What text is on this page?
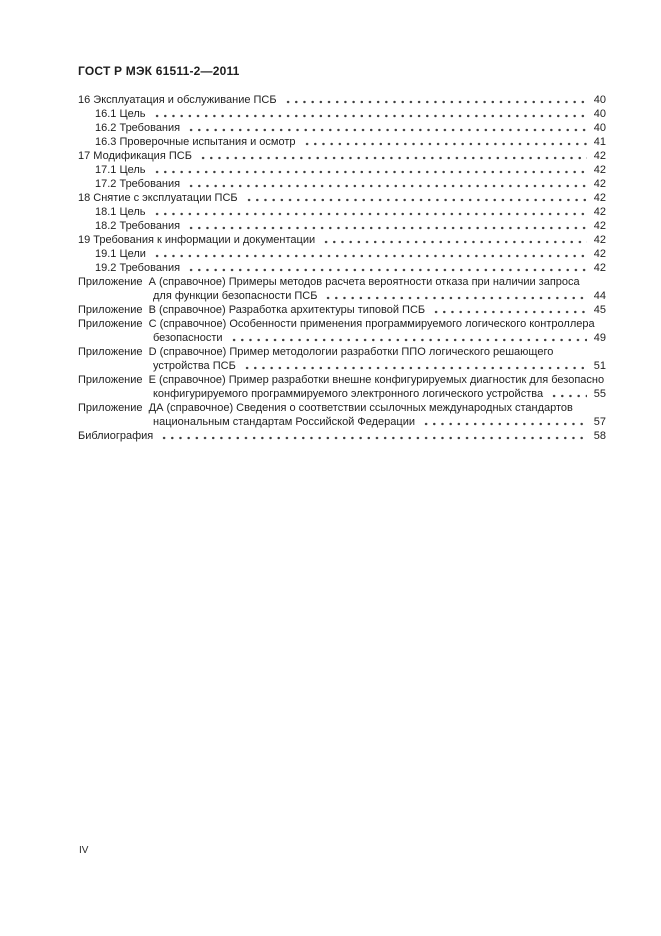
ГОСТ Р МЭК 61511-2—2011
16 Эксплуатация и обслуживание ПСБ	40
16.1 Цель	40
16.2 Требования	40
16.3 Проверочные испытания и осмотр	41
17 Модификация ПСБ	42
17.1 Цель	42
17.2 Требования	42
18 Снятие с эксплуатации ПСБ	42
18.1 Цель	42
18.2 Требования	42
19 Требования к информации и документации	42
19.1 Цели	42
19.2 Требования	42
Приложение  А (справочное) Примеры методов расчета вероятности отказа при наличии запроса
для функции безопасности ПСБ	44
Приложение  В (справочное) Разработка архитектуры типовой ПСБ	45
Приложение  С (справочное) Особенности применения программируемого логического контроллера
безопасности	49
Приложение  D (справочное) Пример методологии разработки ППО логического решающего
устройства ПСБ	51
Приложение  Е (справочное) Пример разработки внешне конфигурируемых диагностик для безопасно
конфигурируемого программируемого электронного логического устройства	55
Приложение  ДА (справочное) Сведения о соответствии ссылочных международных стандартов
национальным стандартам Российской Федерации	57
Библиография	58
IV
